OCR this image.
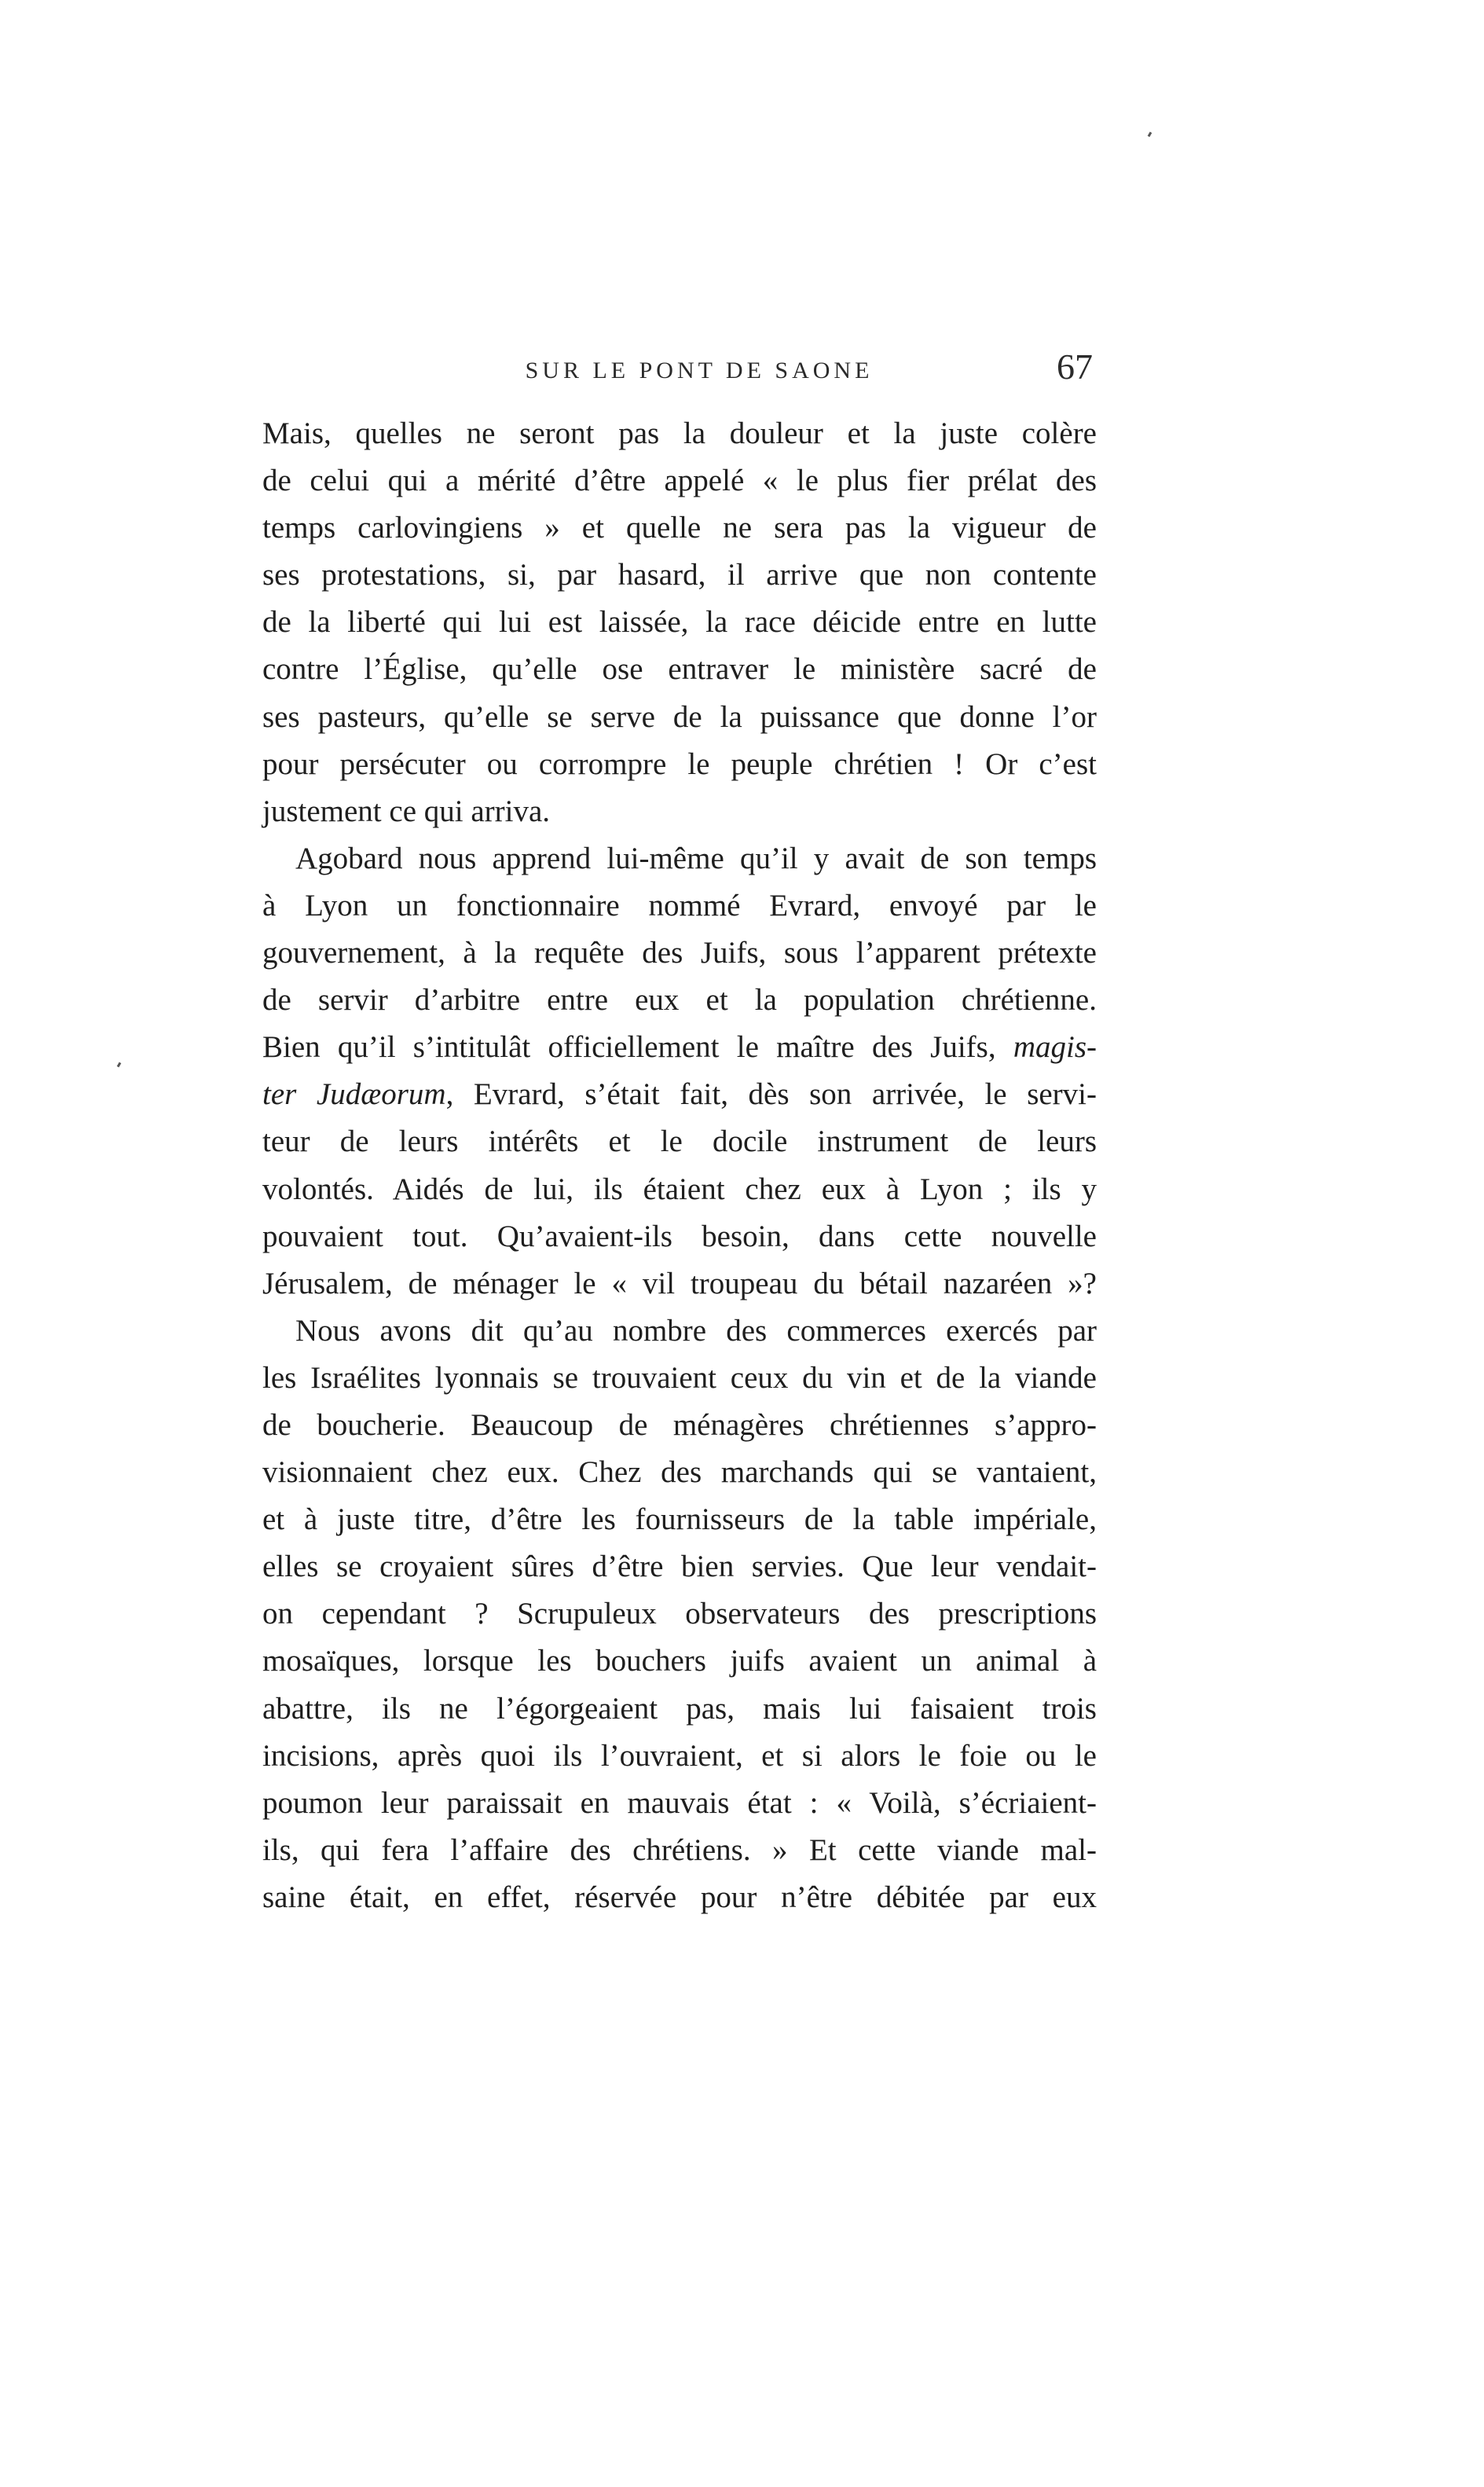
SUR LE PONT DE SAONE	67
Mais, quelles ne seront pas la douleur et la juste colère
de celui qui a mérité d’être appelé « le plus fier prélat des
temps carlovingiens » et quelle ne sera pas la vigueur de
ses protestations, si, par hasard, il arrive que non contente
de la liberté qui lui est laissée, la race déicide entre en lutte
contre l’Église, qu’elle ose entraver le ministère sacré de
ses pasteurs, qu’elle se serve de la puissance que donne l’or
pour persécuter ou corrompre le peuple chrétien ! Or c’est
justement ce qui arriva.
Agobard nous apprend lui-même qu’il y avait de son temps
à Lyon un fonctionnaire nommé Evrard, envoyé par le
gouvernement, à la requête des Juifs, sous l’apparent prétexte
de servir d’arbitre entre eux et la population chrétienne.
Bien qu’il s’intitulât officiellement le maître des Juifs, magis-
ter Judæorum, Evrard, s’était fait, dès son arrivée, le servi-
teur de leurs intérêts et le docile instrument de leurs
volontés. Aidés de lui, ils étaient chez eux à Lyon ; ils y
pouvaient tout. Qu’avaient-ils besoin, dans cette nouvelle
Jérusalem, de ménager le « vil troupeau du bétail nazaréen »?
Nous avons dit qu’au nombre des commerces exercés par
les Israélites lyonnais se trouvaient ceux du vin et de la viande
de boucherie. Beaucoup de ménagères chrétiennes s’appro-
visionnaient chez eux. Chez des marchands qui se vantaient,
et à juste titre, d’être les fournisseurs de la table impériale,
elles se croyaient sûres d’être bien servies. Que leur vendait-
on cependant ? Scrupuleux observateurs des prescriptions
mosaïques, lorsque les bouchers juifs avaient un animal à
abattre, ils ne l’égorgeaient pas, mais lui faisaient trois
incisions, après quoi ils l’ouvraient, et si alors le foie ou le
poumon leur paraissait en mauvais état : « Voilà, s’écriaient-
ils, qui fera l’affaire des chrétiens. » Et cette viande mal-
saine était, en effet, réservée pour n’être débitée par eux
